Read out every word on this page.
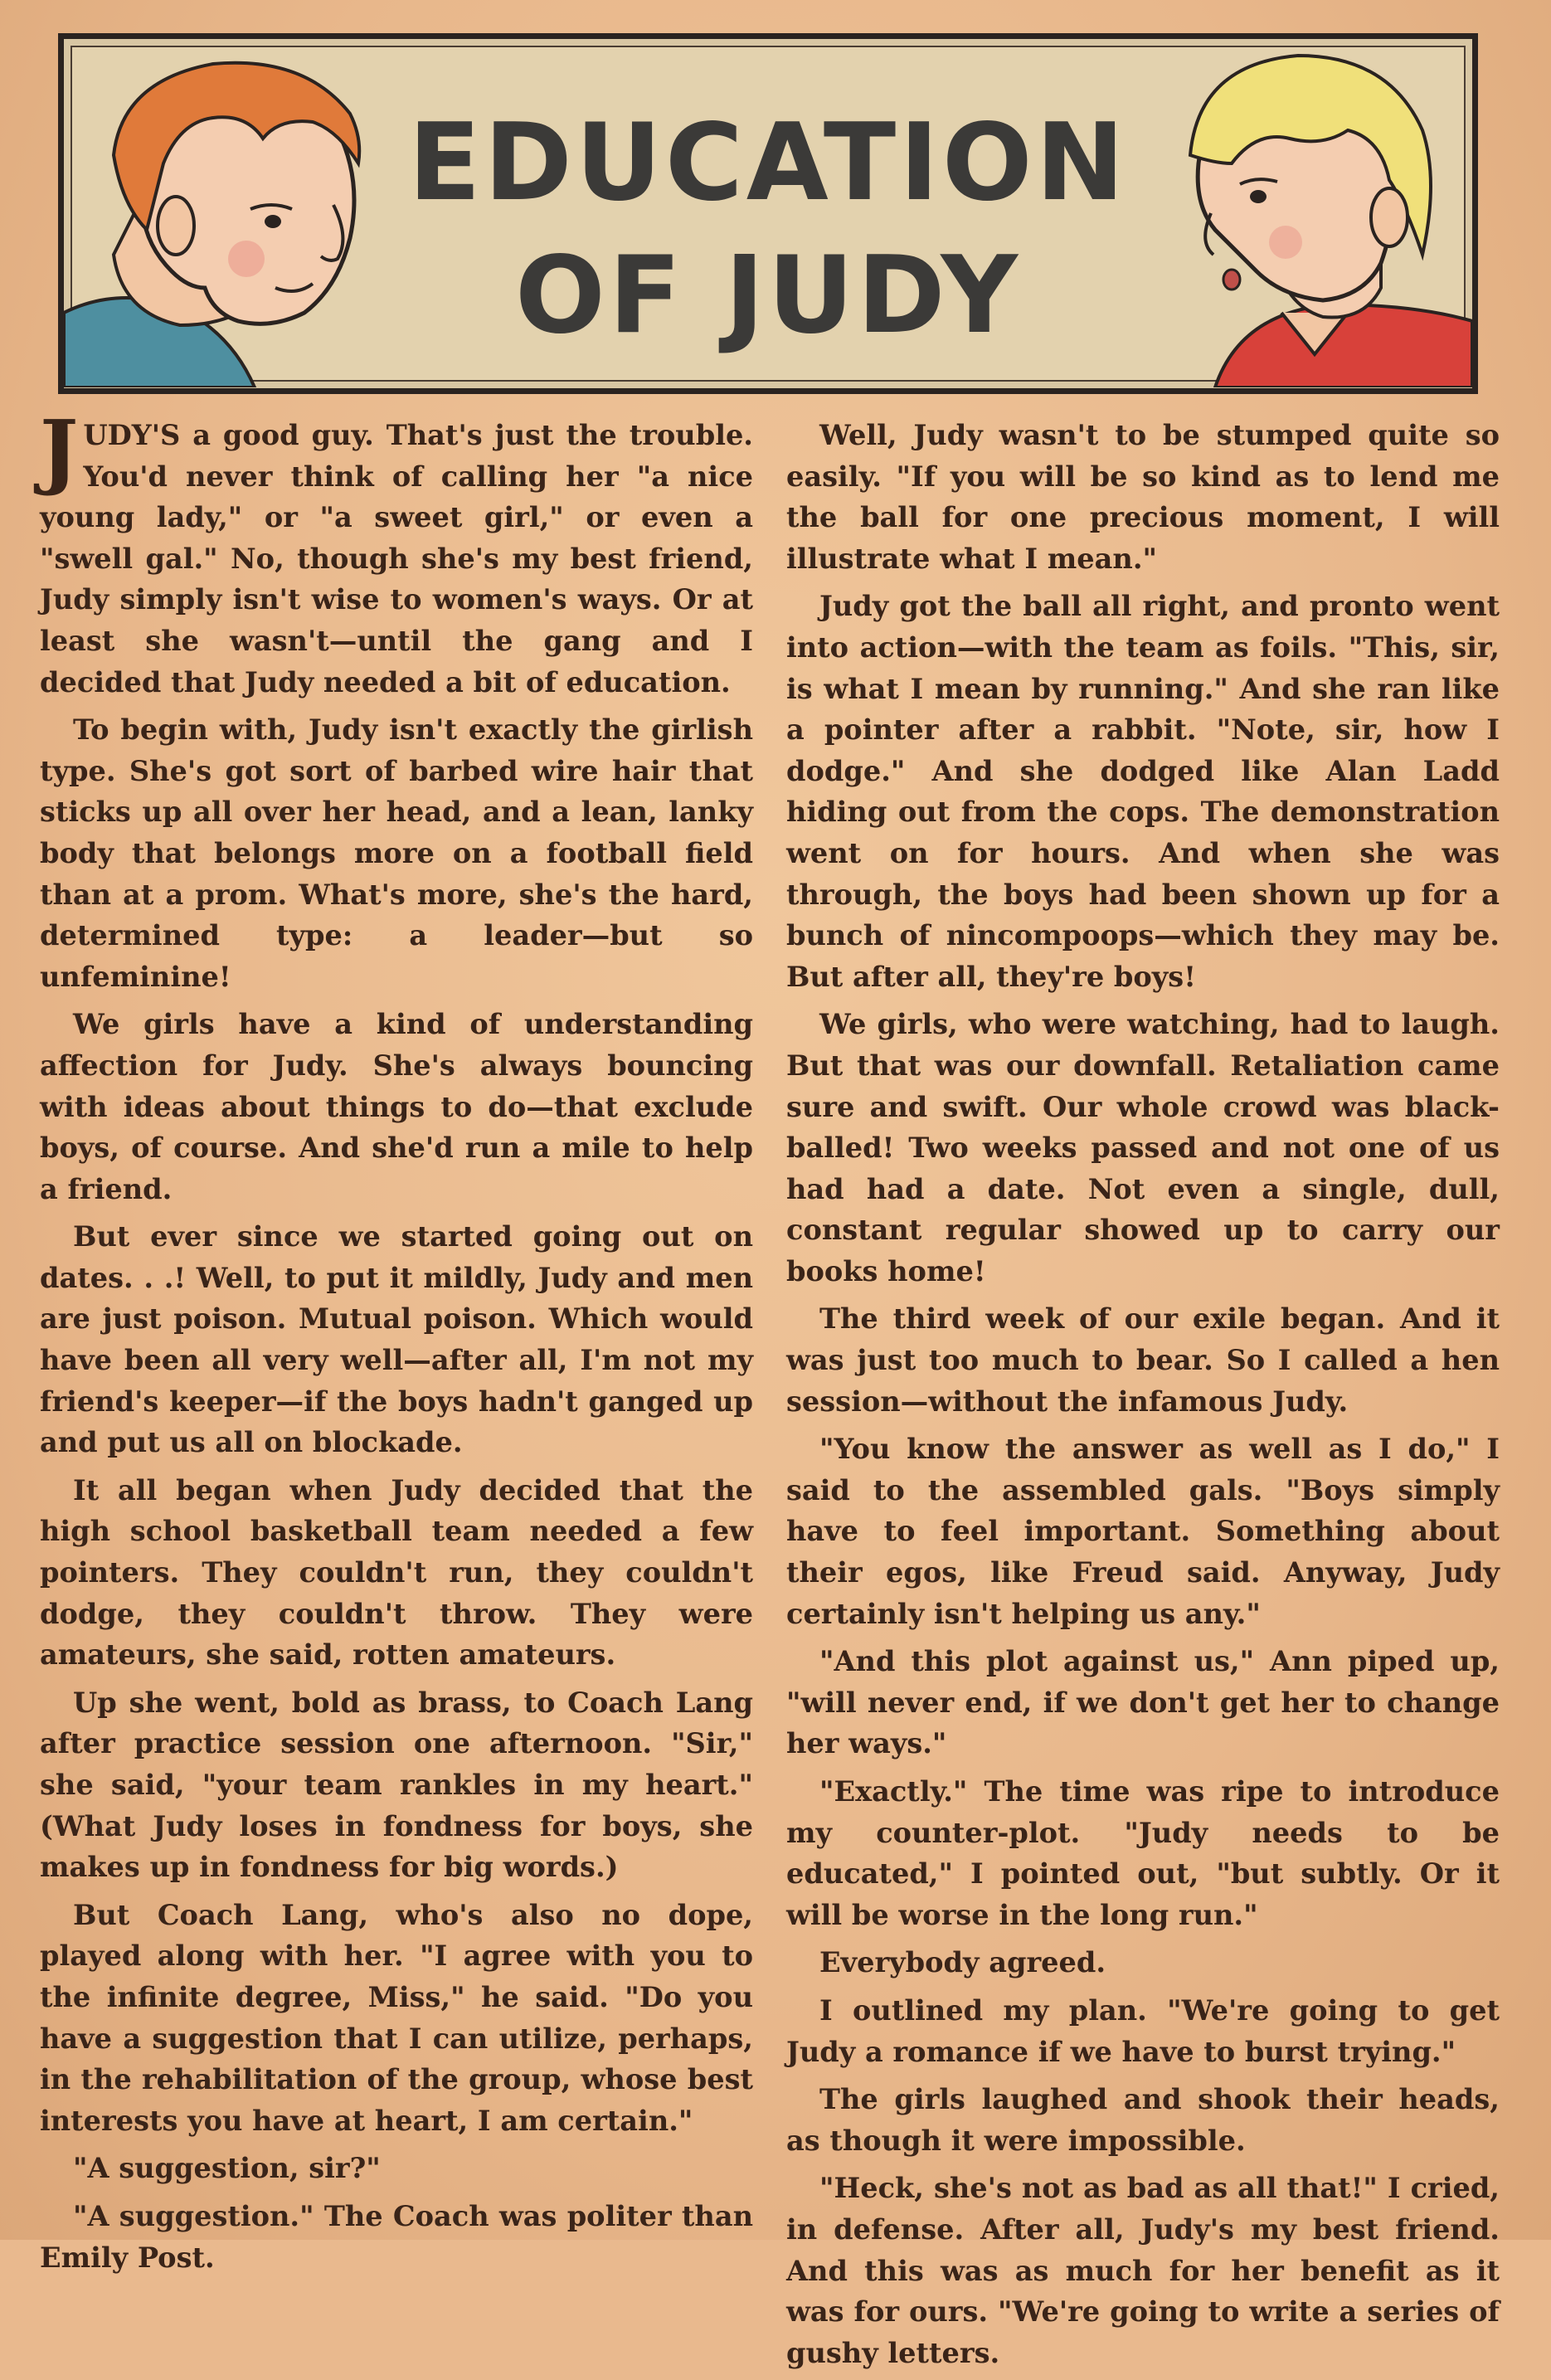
EDUCATION
OF JUDY

JUDY'S a good guy. That's just the trouble. You'd never think of calling her "a nice young lady," or "a sweet girl," or even a "swell gal." No, though she's my best friend, Judy simply isn't wise to women's ways. Or at least she wasn't—until the gang and I decided that Judy needed a bit of education.

To begin with, Judy isn't exactly the girlish type. She's got sort of barbed wire hair that sticks up all over her head, and a lean, lanky body that belongs more on a football field than at a prom. What's more, she's the hard, determined type: a leader—but so unfeminine!

We girls have a kind of understanding affection for Judy. She's always bouncing with ideas about things to do—that exclude boys, of course. And she'd run a mile to help a friend.

But ever since we started going out on dates. . .! Well, to put it mildly, Judy and men are just poison. Mutual poison. Which would have been all very well—after all, I'm not my friend's keeper—if the boys hadn't ganged up and put us all on blockade.

It all began when Judy decided that the high school basketball team needed a few pointers. They couldn't run, they couldn't dodge, they couldn't throw. They were amateurs, she said, rotten amateurs.

Up she went, bold as brass, to Coach Lang after practice session one afternoon. "Sir," she said, "your team rankles in my heart." (What Judy loses in fondness for boys, she makes up in fondness for big words.)

But Coach Lang, who's also no dope, played along with her. "I agree with you to the infinite degree, Miss," he said. "Do you have a suggestion that I can utilize, perhaps, in the rehabilitation of the group, whose best interests you have at heart, I am certain."

"A suggestion, sir?"

"A suggestion." The Coach was politer than Emily Post.

Well, Judy wasn't to be stumped quite so easily. "If you will be so kind as to lend me the ball for one precious moment, I will illustrate what I mean."

Judy got the ball all right, and pronto went into action—with the team as foils. "This, sir, is what I mean by running." And she ran like a pointer after a rabbit. "Note, sir, how I dodge." And she dodged like Alan Ladd hiding out from the cops. The demonstration went on for hours. And when she was through, the boys had been shown up for a bunch of nincompoops—which they may be. But after all, they're boys!

We girls, who were watching, had to laugh. But that was our downfall. Retaliation came sure and swift. Our whole crowd was black-balled! Two weeks passed and not one of us had had a date. Not even a single, dull, constant regular showed up to carry our books home!

The third week of our exile began. And it was just too much to bear. So I called a hen session—without the infamous Judy.

"You know the answer as well as I do," I said to the assembled gals. "Boys simply have to feel important. Something about their egos, like Freud said. Anyway, Judy certainly isn't helping us any."

"And this plot against us," Ann piped up, "will never end, if we don't get her to change her ways."

"Exactly." The time was ripe to introduce my counter-plot. "Judy needs to be educated," I pointed out, "but subtly. Or it will be worse in the long run."

Everybody agreed.

I outlined my plan. "We're going to get Judy a romance if we have to burst trying."

The girls laughed and shook their heads, as though it were impossible.

"Heck, she's not as bad as all that!" I cried, in defense. After all, Judy's my best friend. And this was as much for her benefit as it was for ours. "We're going to write a series of gushy letters.
